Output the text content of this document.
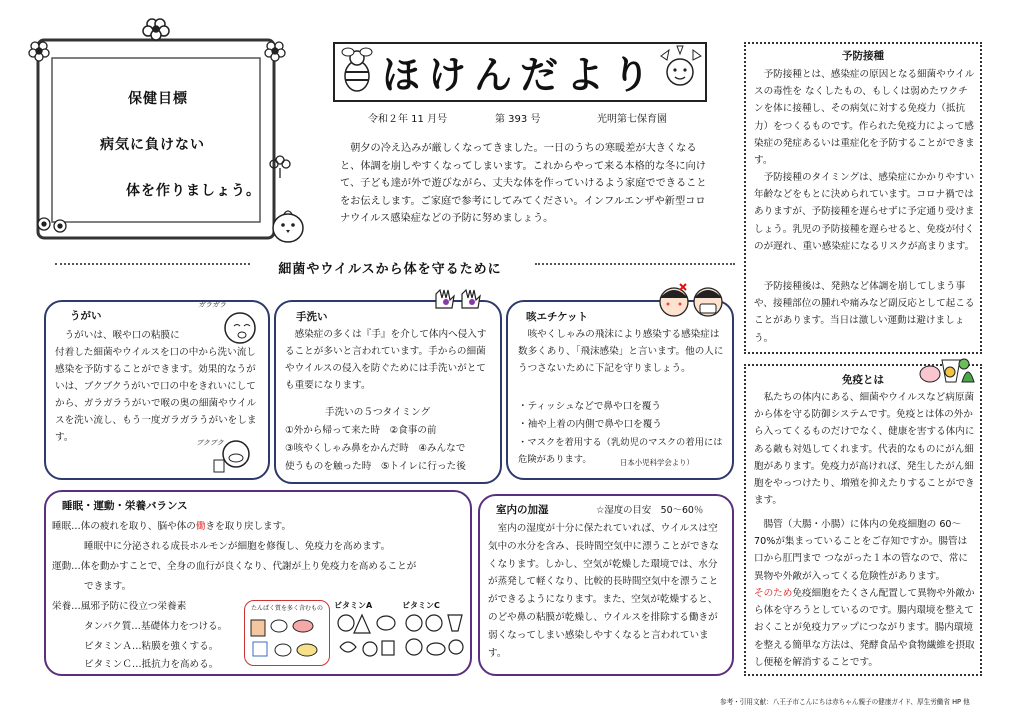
保健目標
病気に負けない
体を作りましょう。
ほけんだより
令和２年 11 月号	第 393 号	光明第七保育園
　朝夕の冷え込みが厳しくなってきました。一日のうちの寒暖差が大きくなると、体調を崩しやすくなってしまいます。これからやって来る本格的な冬に向けて、子ども達が外で遊びながら、丈夫な体を作っていけるよう家庭でできることをお伝えします。ご家庭で参考にしてみてください。インフルエンザや新型コロナウイルス感染症などの予防に努めましょう。
細菌やウイルスから体を守るために
うがい
　うがいは、喉や口の粘膜に
付着した細菌やウイルスを口の中から洗い流し感染を予防することができます。効果的なうがいは、ブクブクうがいで口の中をきれいにしてから、ガラガラうがいで喉の奥の細菌やウイルスを洗い流し、もう一度ガラガラうがいをします。
ガラガラ
ブクブク
手洗い
　感染症の多くは『手』を介して体内へ侵入することが多いと言われています。手からの細菌やウイルスの侵入を防ぐためには手洗いがとても重要になります。
手洗いの５つタイミング
①外から帰って来た時　②食事の前
③咳やくしゃみ鼻をかんだ時　④みんなで
使うものを触った時　⑤トイレに行った後
咳エチケット
　咳やくしゃみの飛沫により感染する感染症は数多くあり、「飛沫感染」と言います。他の人にうつさないために下記を守りましょう。
・ティッシュなどで鼻や口を覆う
・袖や上着の内側で鼻や口を覆う
・マスクを着用する（乳幼児のマスクの着用には危険があります。	日本小児科学会より）
睡眠・運動・栄養バランス
睡眠…体の疲れを取り、脳や体の働きを取り戻します。
睡眠中に分泌される成長ホルモンが細胞を修復し、免疫力を高めます。
運動…体を動かすことで、全身の血行が良くなり、代謝が上り免疫力を高めることが
できます。
栄養…風邪予防に役立つ栄養素
タンパク質…基礎体力をつける。
ビタミンＡ…粘膜を強くする。
ビタミンＣ…抵抗力を高める。
たんぱく質を多く含むもの	ビタミンA	ビタミンC
室内の加湿	☆湿度の目安　50～60％
　室内の湿度が十分に保たれていれば、ウイルスは空気中の水分を含み、長時間空気中に漂うことができなくなります。しかし、空気が乾燥した環境では、水分が蒸発して軽くなり、比較的長時間空気中を漂うことができるようになります。また、空気が乾燥すると、のどや鼻の粘膜が乾燥し、ウイルスを排除する働きが弱くなってしまい感染しやすくなると言われています。
予防接種
予防接種とは、感染症の原因となる細菌やウイルスの毒性を なくしたもの、もしくは弱めたワクチンを体に接種し、その病気に対する免疫力（抵抗力）をつくるものです。作られた免疫力によって感染症の発症あるいは重症化を予防することができます。
予防接種のタイミングは、感染症にかかりやすい年齢などをもとに決められています。コロナ禍ではありますが、予防接種を遅らせずに予定通り受けましょう。乳児の予防接種を遅らせると、免疫が付くのが遅れ、重い感染症になるリスクが高まります。
予防接種後は、発熱など体調を崩してしまう事や、接種部位の腫れや痛みなど副反応として起こることがあります。当日は激しい運動は避けましょう。
免疫とは
私たちの体内にある、細菌やウイルスなど病原菌から体を守る防御システムです。免疫とは体の外から入ってくるものだけでなく、健康を害する体内にある敵も対処してくれます。代表的なものにがん細胞があります。免疫力が高ければ、発生したがん細胞をやっつけたり、増殖を抑えたりすることができます。
腸管（大腸・小腸）に体内の免疫細胞の 60～70%が集まっていることをご存知ですか。腸管は口から肛門まで つながった１本の管なので、常に異物や外敵が入ってくる危険性があります。
そのため免疫細胞をたくさん配置して異物や外敵から体を守ろうとしているのです。腸内環境を整えておくことが免疫力アップにつながります。腸内環境を整える簡単な方法は、発酵食品や食物繊維を摂取し便秘を解消することです。
参考・引用文献：八王子市こんにちは赤ちゃん親子の健康ガイド、厚生労働省 HP 他
